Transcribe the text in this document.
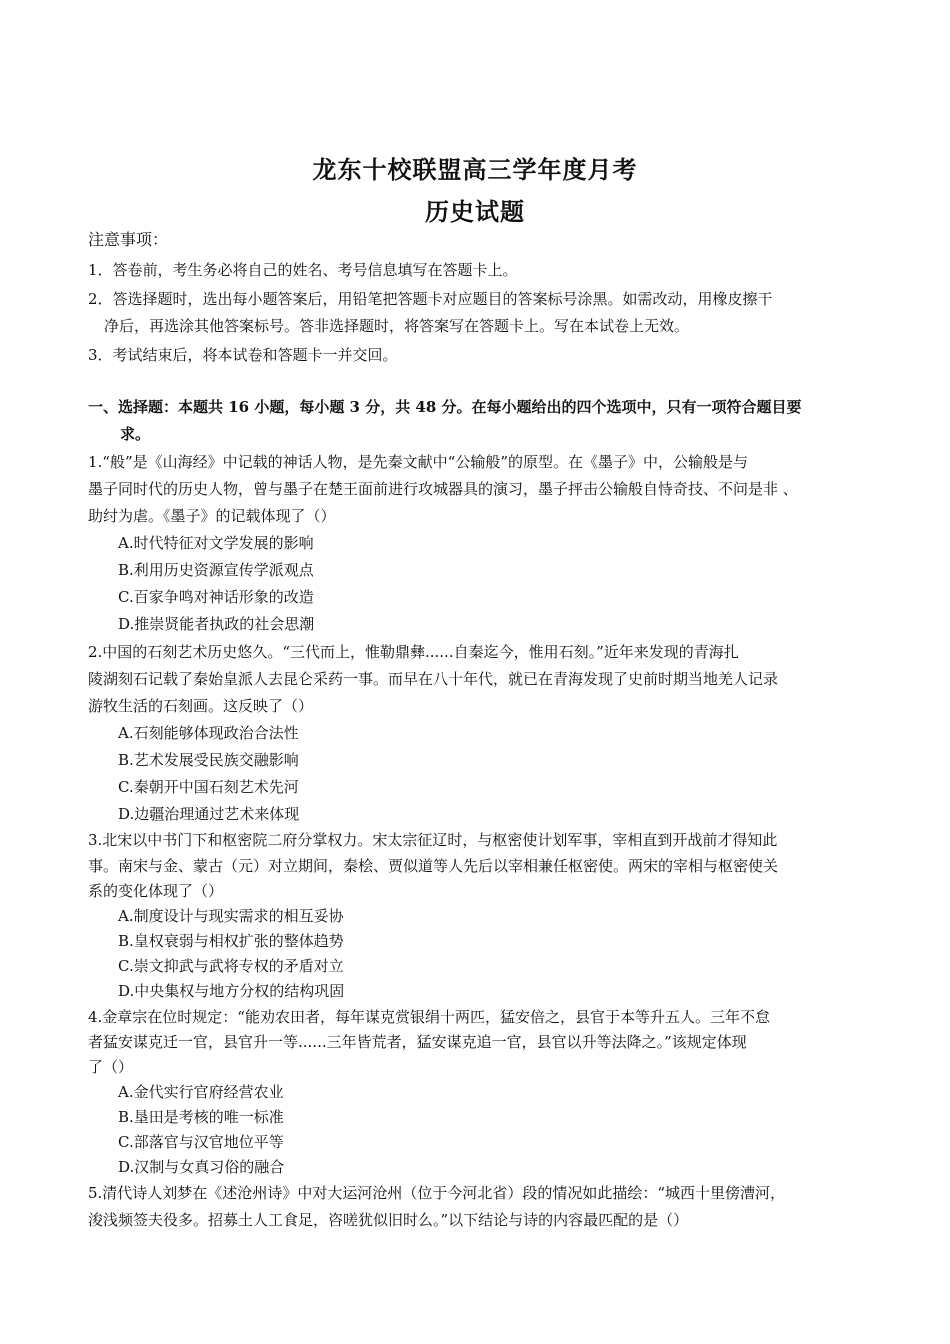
龙东十校联盟高三学年度月考
历史试题
注意事项：
1．答卷前，考生务必将自己的姓名、考号信息填写在答题卡上。
2．答选择题时，选出每小题答案后，用铅笔把答题卡对应题目的答案标号涂黑。如需改动，用橡皮擦干
净后，再选涂其他答案标号。答非选择题时，将答案写在答题卡上。写在本试卷上无效。
3．考试结束后，将本试卷和答题卡一并交回。
一、选择题：本题共 16 小题，每小题 3 分，共 48 分。在每小题给出的四个选项中，只有一项符合题目要
求。
1.“般”是《山海经》中记载的神话人物，是先秦文献中“公输般”的原型。在《墨子》中，公输般是与
墨子同时代的历史人物，曾与墨子在楚王面前进行攻城器具的演习，墨子抨击公输般自恃奇技、不问是非 、
助纣为虐。《墨子》的记载体现了（）
A.时代特征对文学发展的影响
B.利用历史资源宣传学派观点
C.百家争鸣对神话形象的改造
D.推崇贤能者执政的社会思潮
2.中国的石刻艺术历史悠久。“三代而上，惟勒鼎彝......自秦迄今，惟用石刻。”近年来发现的青海扎
陵湖刻石记载了秦始皇派人去昆仑采药一事。而早在八十年代，就已在青海发现了史前时期当地羌人记录
游牧生活的石刻画。这反映了（）
A.石刻能够体现政治合法性
B.艺术发展受民族交融影响
C.秦朝开中国石刻艺术先河
D.边疆治理通过艺术来体现
3.北宋以中书门下和枢密院二府分掌权力。宋太宗征辽时，与枢密使计划军事，宰相直到开战前才得知此
事。南宋与金、蒙古（元）对立期间，秦桧、贾似道等人先后以宰相兼任枢密使。两宋的宰相与枢密使关
系的变化体现了（）
A.制度设计与现实需求的相互妥协
B.皇权衰弱与相权扩张的整体趋势
C.崇文抑武与武将专权的矛盾对立
D.中央集权与地方分权的结构巩固
4.金章宗在位时规定：“能劝农田者，每年谋克赏银绢十两匹，猛安倍之，县官于本等升五人。三年不怠
者猛安谋克迁一官，县官升一等......三年皆荒者，猛安谋克追一官，县官以升等法降之。”该规定体现
了（）
A.金代实行官府经营农业
B.垦田是考核的唯一标准
C.部落官与汉官地位平等
D.汉制与女真习俗的融合
5.清代诗人刘梦在《述沧州诗》中对大运河沧州（位于今河北省）段的情况如此描绘：“城西十里傍漕河，
浚浅频签夫役多。招募土人工食足，咨嗟犹似旧时么。”以下结论与诗的内容最匹配的是（）
